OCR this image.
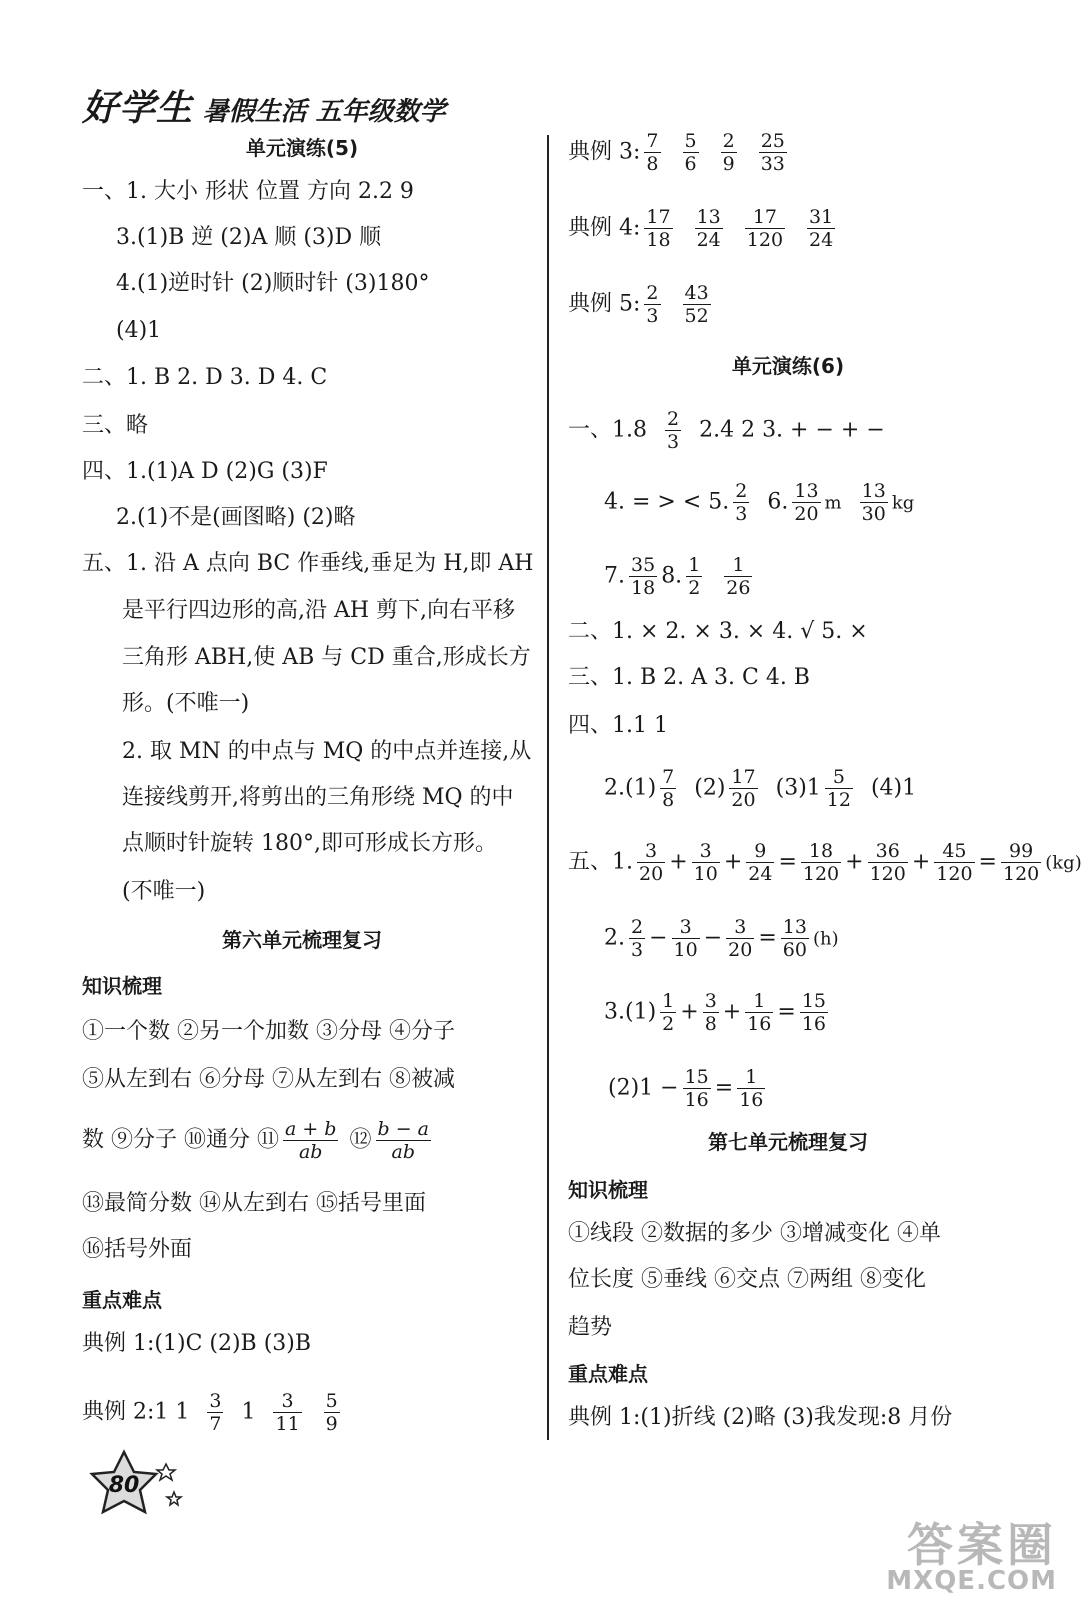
好学生 暑假生活 五年级数学
单元演练(5)
一、1. 大小 形状 位置 方向 2.2 9
3.(1)B 逆 (2)A 顺 (3)D 顺
4.(1)逆时针 (2)顺时针 (3)180°
(4)1
二、1. B 2. D 3. D 4. C
三、略
四、1.(1)A D (2)G (3)F
2.(1)不是(画图略) (2)略
五、1. 沿 A 点向 BC 作垂线,垂足为 H,即 AH
是平行四边形的高,沿 AH 剪下,向右平移
三角形 ABH,使 AB 与 CD 重合,形成长方
形。(不唯一)
2. 取 MN 的中点与 MQ 的中点并连接,从
连接线剪开,将剪出的三角形绕 MQ 的中
点顺时针旋转 180°,即可形成长方形。
(不唯一)
第六单元梳理复习
知识梳理
①一个数 ②另一个加数 ③分母 ④分子
⑤从左到右 ⑥分母 ⑦从左到右 ⑧被减
数 ⑨分子 ⑩通分 ⑪ $\frac{a + b}{ab}$ ⑫ $\frac{b - a}{ab}$
⑬最简分数 ⑭从左到右 ⑮括号里面
⑯括号外面
重点难点
典例 1:(1)C (2)B (3)B
典例 2:1 $1 \frac{3}{7} 1 \frac{3}{11} \frac{5}{9}$
典例 3: $\frac{7}{8} \frac{5}{6} \frac{2}{9} \frac{25}{33}$
典例 4: $\frac{17}{18} \frac{13}{24} \frac{17}{120} \frac{31}{24}$
典例 5: $\frac{2}{3} \frac{43}{52}$
单元演练(6)
一、$1.8 \frac{2}{3} 2.4$ 2 3. + − + −
4. = > < 5. $\frac{2}{3} 6$. $\frac{13}{20}$ m $\frac{13}{30}$ kg
7. $\frac{35}{18} 8$. $\frac{1}{2} \frac{1}{26}$
二、1. × 2. × 3. × 4. √ 5. ×
三、1. B 2. A 3. C 4. B
四、1.1 1
$2.(1) \frac{7}{8} (2) \frac{17}{20} (3)1 \frac{5}{12} (4)1$
五、1. $\frac{3}{20} + \frac{3}{10} + \frac{9}{24} = \frac{18}{120} + \frac{36}{120} + \frac{45}{120} = \frac{99}{120} (kg)$
2. $\frac{2}{3} - \frac{3}{10} - \frac{3}{20} = \frac{13}{60} (h)$
$3.(1) \frac{1}{2} + \frac{3}{8} + \frac{1}{16} = \frac{15}{16}$
$(2)1 - \frac{15}{16} = \frac{1}{16}$
第七单元梳理复习
知识梳理
①线段 ②数据的多少 ③增减变化 ④单
位长度 ⑤垂线 ⑥交点 ⑦两组 ⑧变化
趋势
重点难点
典例 1:(1)折线 (2)略 (3)我发现:8 月份
80
答案圈
MXQE.COM
